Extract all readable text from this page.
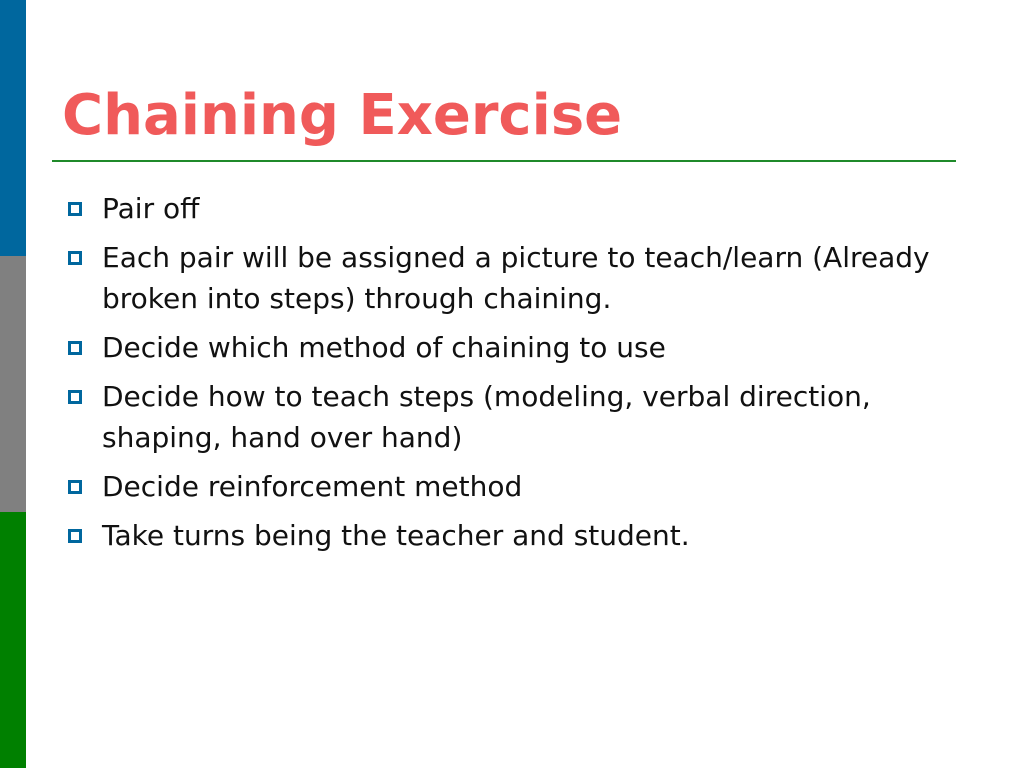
Chaining Exercise
Pair off
Each pair will be assigned a picture to teach/learn (Already broken into steps) through chaining.
Decide which method of chaining to use
Decide how to teach steps (modeling, verbal direction, shaping, hand over hand)
Decide reinforcement method
Take turns being the teacher and student.
